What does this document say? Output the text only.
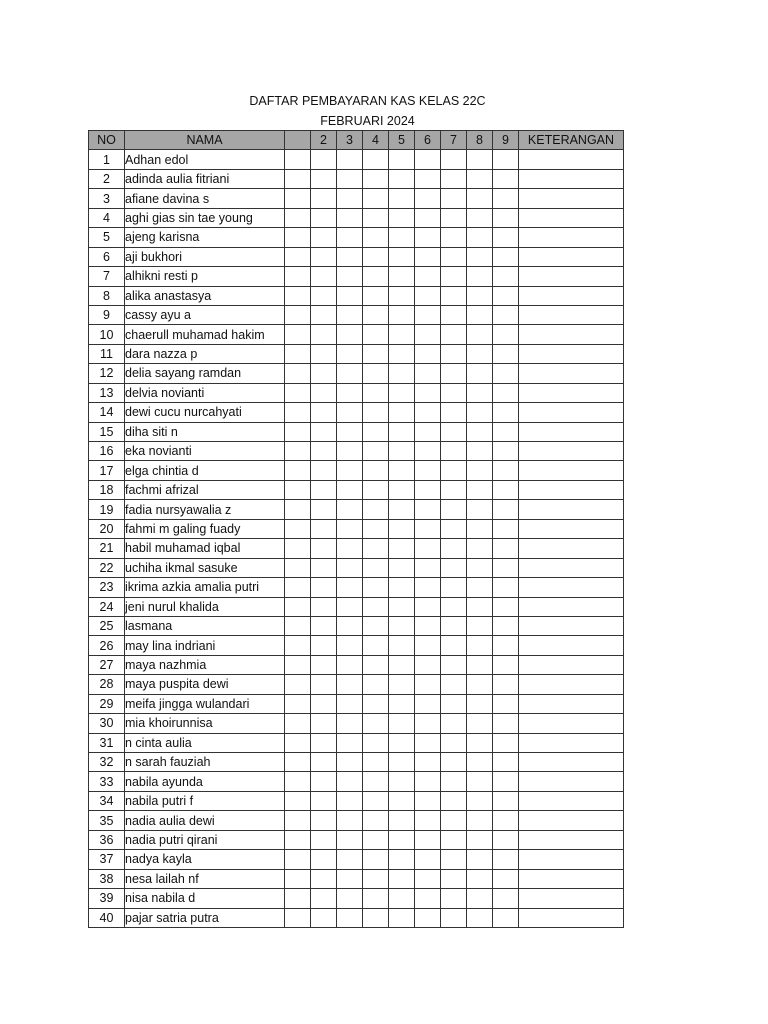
DAFTAR PEMBAYARAN KAS KELAS 22C
FEBRUARI 2024
NO	NAMA		2	3	4	5	6	7	8	9	KETERANGAN
1	Adhan edol										
2	adinda aulia fitriani										
3	afiane davina s										
4	aghi gias sin tae young										
5	ajeng karisna										
6	aji bukhori										
7	alhikni resti p										
8	alika anastasya										
9	cassy ayu a										
10	chaerull muhamad hakim										
11	dara nazza p										
12	delia sayang ramdan										
13	delvia novianti										
14	dewi cucu nurcahyati										
15	diha siti n										
16	eka novianti										
17	elga chintia d										
18	fachmi afrizal										
19	fadia nursyawalia z										
20	fahmi m galing fuady										
21	habil muhamad iqbal										
22	uchiha ikmal sasuke										
23	ikrima azkia amalia putri										
24	jeni nurul khalida										
25	lasmana										
26	may lina indriani										
27	maya nazhmia										
28	maya puspita dewi										
29	meifa jingga wulandari										
30	mia khoirunnisa										
31	n cinta aulia										
32	n sarah fauziah										
33	nabila ayunda										
34	nabila putri f										
35	nadia aulia dewi										
36	nadia putri qirani										
37	nadya kayla										
38	nesa lailah nf										
39	nisa nabila d										
40	pajar satria putra										
